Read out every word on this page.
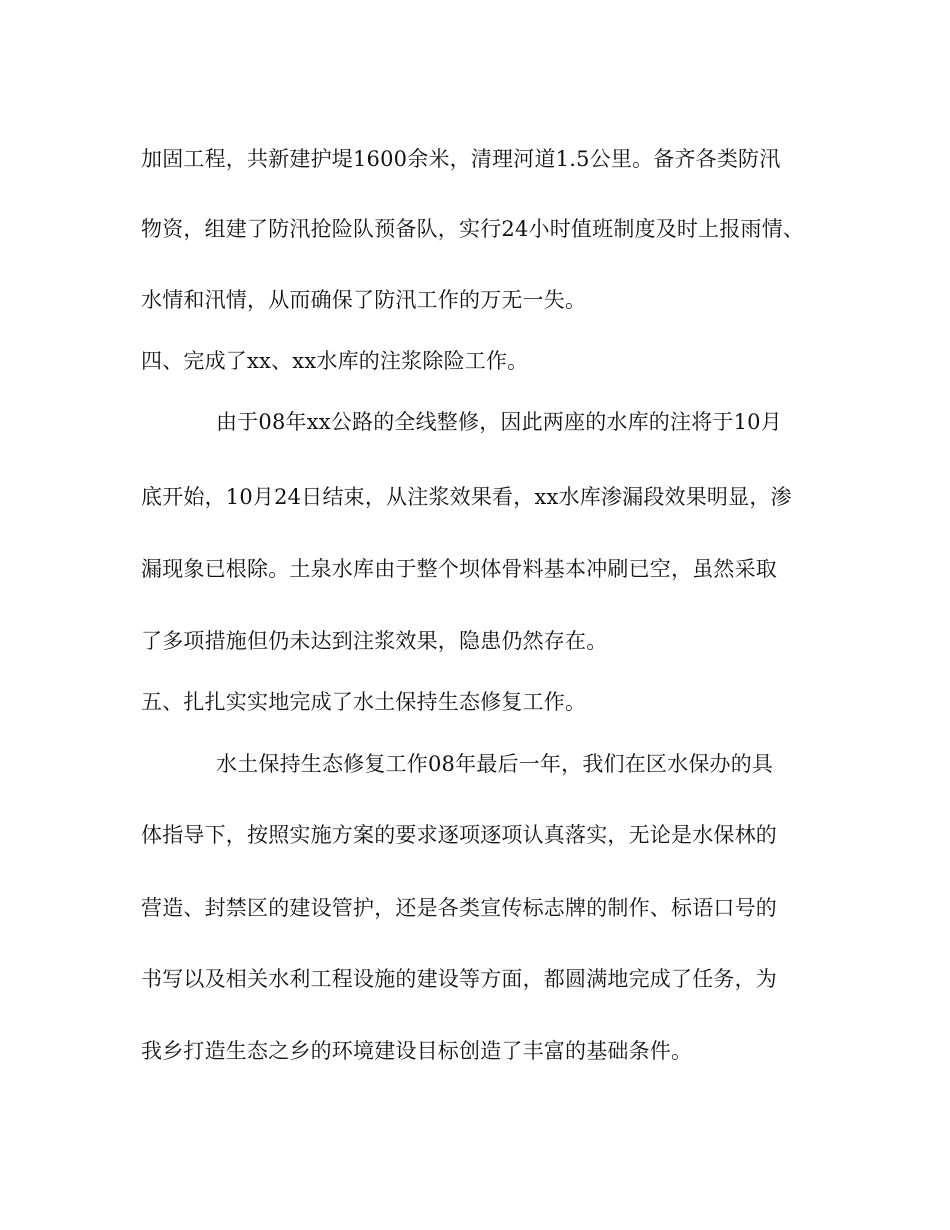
加固工程，共新建护堤1600余米，清理河道1.5公里。备齐各类防汛
物资，组建了防汛抢险队预备队，实行24小时值班制度及时上报雨情、
水情和汛情，从而确保了防汛工作的万无一失。
四、完成了xx、xx水库的注浆除险工作。
由于08年xx公路的全线整修，因此两座的水库的注将于10月
底开始，10月24日结束，从注浆效果看，xx水库渗漏段效果明显，渗
漏现象已根除。土泉水库由于整个坝体骨料基本冲刷已空，虽然采取
了多项措施但仍未达到注浆效果，隐患仍然存在。
五、扎扎实实地完成了水土保持生态修复工作。
水土保持生态修复工作08年最后一年，我们在区水保办的具
体指导下，按照实施方案的要求逐项逐项认真落实，无论是水保林的
营造、封禁区的建设管护，还是各类宣传标志牌的制作、标语口号的
书写以及相关水利工程设施的建设等方面，都圆满地完成了任务，为
我乡打造生态之乡的环境建设目标创造了丰富的基础条件。
